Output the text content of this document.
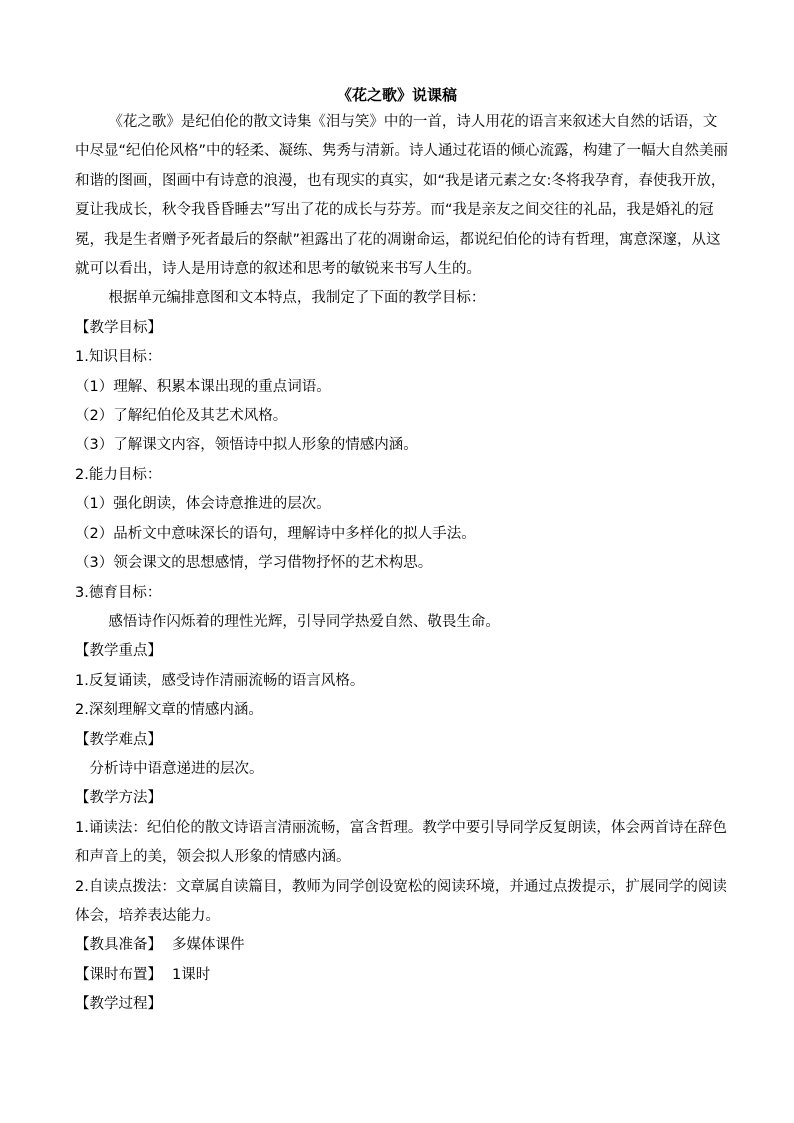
《花之歌》说课稿

《花之歌》是纪伯伦的散文诗集《泪与笑》中的一首，诗人用花的语言来叙述大自然的话语，文中尽显“纪伯伦风格”中的轻柔、凝练、隽秀与清新。诗人通过花语的倾心流露，构建了一幅大自然美丽和谐的图画，图画中有诗意的浪漫，也有现实的真实，如“我是诸元素之女:冬将我孕育，春使我开放，夏让我成长，秋令我昏昏睡去”写出了花的成长与芬芳。而“我是亲友之间交往的礼品，我是婚礼的冠冕，我是生者赠予死者最后的祭献”袒露出了花的凋谢命运，都说纪伯伦的诗有哲理，寓意深邃，从这就可以看出，诗人是用诗意的叙述和思考的敏锐来书写人生的。

根据单元编排意图和文本特点，我制定了下面的教学目标：

【教学目标】

1.知识目标：

（1）理解、积累本课出现的重点词语。

（2）了解纪伯伦及其艺术风格。

（3）了解课文内容，领悟诗中拟人形象的情感内涵。

2.能力目标：

（1）强化朗读，体会诗意推进的层次。

（2）品析文中意味深长的语句，理解诗中多样化的拟人手法。

（3）领会课文的思想感情，学习借物抒怀的艺术构思。

3.德育目标：

感悟诗作闪烁着的理性光辉，引导同学热爱自然、敬畏生命。

【教学重点】

1.反复诵读，感受诗作清丽流畅的语言风格。

2.深刻理解文章的情感内涵。

【教学难点】

分析诗中语意递进的层次。

【教学方法】

1.诵读法：纪伯伦的散文诗语言清丽流畅，富含哲理。教学中要引导同学反复朗读，体会两首诗在辞色和声音上的美，领会拟人形象的情感内涵。

2.自读点拨法：文章属自读篇目，教师为同学创设宽松的阅读环境，并通过点拨提示，扩展同学的阅读体会，培养表达能力。

【教具准备】 多媒体课件

【课时布置】 1课时

【教学过程】
